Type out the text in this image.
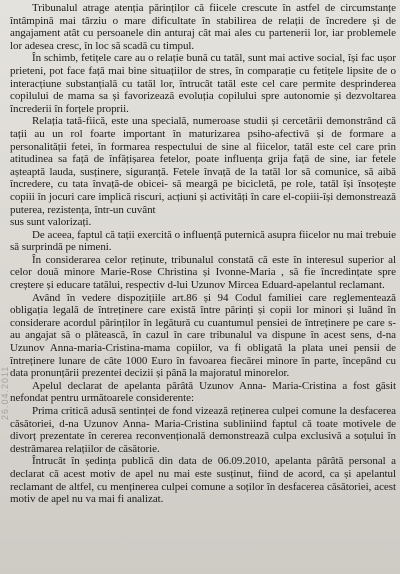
Tribunalul atrage atenția părinților că fiicele crescute în astfel de circumstanțe întâmpină mai târziu o mare dificultate în stabilirea de relații de încredere și de angajament atât cu persoanele din anturaj cât mai ales cu partenerii lor, iar problemele lor adesea cresc, în loc să scadă cu timpul.

În schimb, fetițele care au o relație bună cu tatăl, sunt mai active social, își fac ușor prieteni, pot face față mai bine situațiilor de stres, în comparație cu fetițele lipsite de o interacțiune substanțială cu tatăl lor, întrucât tatăl este cel care permite desprinderea copilului de mama sa și favorizează evoluția copilului spre autonomie și dezvoltarea încrederii în forțele proprii.

Relația tată-fiică, este una specială, numeroase studii și cercetării demonstrând că tații au un rol foarte important în maturizarea psiho-afectivă și de formare a personalității fetei, în formarea respectului de sine al fiicelor, tatăl este cel care prin atitudinea sa față de înfățișarea fetelor, poate influența grija față de sine, iar fetele așteaptă lauda, susținere, siguranță. Fetele învață de la tatăl lor să comunice, să aibă încredere, cu tata învață-de obicei- să meargă pe bicicletă, pe role, tatăl își însoțește copiii în jocuri care implică riscuri, acțiuni și activități în care el-copiii-își demonstrează puterea, rezistența, într-un cuvânt

sus sunt valorizați.

De aceea, faptul că tații exercită o influență puternică asupra fiicelor nu mai trebuie să surprindă pe nimeni.

În considerarea celor reținute, tribunalul constată că este în interesul superior al celor două minore Marie-Rose Christina și Ivonne-Maria , să fie încredințate spre creștere și educare tatălui, respectiv d-lui Uzunov Mircea Eduard-apelantul reclamant.

Având în vedere dispozițiile art.86 și 94 Codul familiei care reglementează obligația legală de întreținere care există între părinți și copii lor minori și luând în considerare acordul părinților în legătură cu cuantumul pensiei de întreținere pe care s-au angajat să o plătească, în cazul în care tribunalul va dispune în acest sens, d-na Uzunov Anna-maria-Cristina-mama copiilor, va fi obligată la plata unei pensii de întreținere lunare de câte 1000 Euro în favoarea fiecărei minore în parte, începând cu data pronunțării prezentei decizii și până la majoratul minorelor.

Apelul declarat de apelanta pârâtă Uzunov Anna- Maria-Cristina a fost găsit nefondat pentru următoarele considerente:

Prima critică adusă sentinței de fond vizează reținerea culpei comune la desfacerea căsătoriei, d-na Uzunov Anna- Maria-Cristina subliniind faptul că toate motivele de divorț prezentate în cererea reconvențională demonstrează culpa exclusivă a soțului în destrămarea relațiilor de căsătorie.

Întrucât în ședința publică din data de 06.09.2010, apelanta pârâtă personal a declarat că acest motiv de apel nu mai este susținut, fiind de acord, ca și apelantul reclamant de altfel, cu menținerea culpei comune a soților în desfacerea căsătoriei, acest motiv de apel nu va mai fi analizat.

26.04.2011
